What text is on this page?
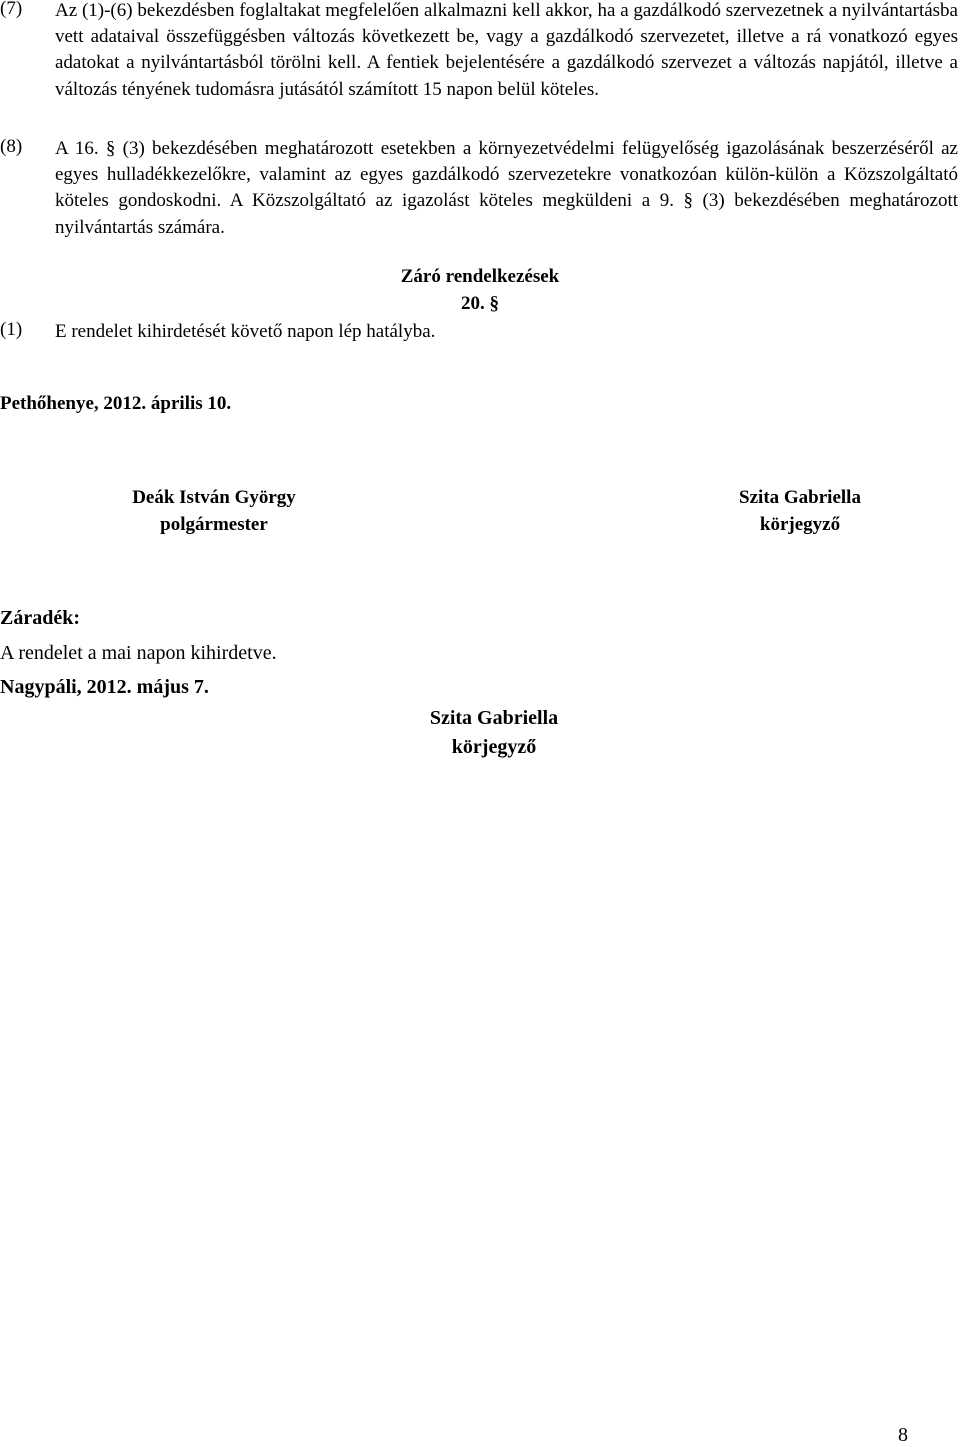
(7) Az (1)-(6) bekezdésben foglaltakat megfelelően alkalmazni kell akkor, ha a gazdálkodó szervezetnek a nyilvántartásba vett adataival összefüggésben változás következett be, vagy a gazdálkodó szervezetet, illetve a rá vonatkozó egyes adatokat a nyilvántartásból törölni kell. A fentiek bejelentésére a gazdálkodó szervezet a változás napjától, illetve a változás tényének tudomásra jutásától számított 15 napon belül köteles.
(8) A 16. § (3) bekezdésében meghatározott esetekben a környezetvédelmi felügyelőség igazolásának beszerzéséről az egyes hulladékkezelőkre, valamint az egyes gazdálkodó szervezetekre vonatkozóan külön-külön a Közszolgáltató köteles gondoskodni. A Közszolgáltató az igazolást köteles megküldeni a 9. § (3) bekezdésében meghatározott nyilvántartás számára.
Záró rendelkezések
20. §
(1) E rendelet kihirdetését követő napon lép hatályba.
Pethőhenye, 2012. április 10.
Deák István György
polgármester
Szita Gabriella
körjegyző
Záradék:
A rendelet a mai napon kihirdetve.
Nagypáli, 2012. május 7.
Szita Gabriella
körjegyző
8
